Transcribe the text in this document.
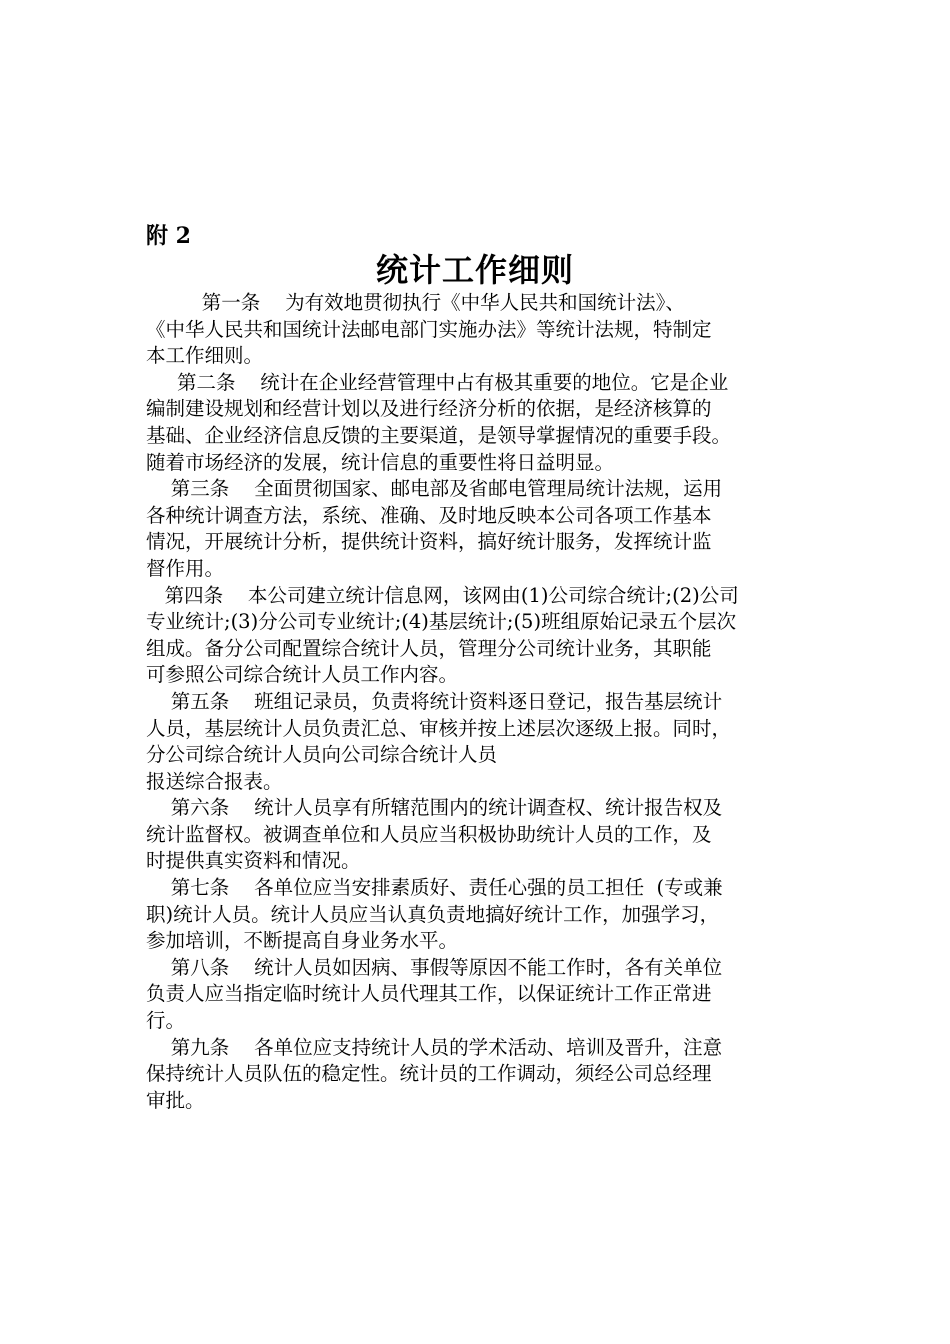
附 2
统计工作细则
第一条    为有效地贯彻执行《中华人民共和国统计法》、
《中华人民共和国统计法邮电部门实施办法》等统计法规，特制定
本工作细则。
第二条    统计在企业经营管理中占有极其重要的地位。它是企业
编制建设规划和经营计划以及进行经济分析的依据，是经济核算的
基础、企业经济信息反馈的主要渠道，是领导掌握情况的重要手段。
随着市场经济的发展，统计信息的重要性将日益明显。
第三条    全面贯彻国家、邮电部及省邮电管理局统计法规，运用
各种统计调查方法，系统、准确、及时地反映本公司各项工作基本
情况，开展统计分析，提供统计资料，搞好统计服务，发挥统计监
督作用。
第四条    本公司建立统计信息网，该网由(1)公司综合统计;(2)公司
专业统计;(3)分公司专业统计;(4)基层统计;(5)班组原始记录五个层次
组成。备分公司配置综合统计人员，管理分公司统计业务，其职能
可参照公司综合统计人员工作内容。
第五条    班组记录员，负责将统计资料逐日登记，报告基层统计
人员，基层统计人员负责汇总、审核并按上述层次逐级上报。同时，
分公司综合统计人员向公司综合统计人员
报送综合报表。
第六条    统计人员享有所辖范围内的统计调查权、统计报告权及
统计监督权。被调查单位和人员应当积极协助统计人员的工作，及
时提供真实资料和情况。
第七条    各单位应当安排素质好、责任心强的员工担任  (专或兼
职)统计人员。统计人员应当认真负责地搞好统计工作，加强学习，
参加培训，不断提高自身业务水平。
第八条    统计人员如因病、事假等原因不能工作时，各有关单位
负责人应当指定临时统计人员代理其工作，以保证统计工作正常进
行。
第九条    各单位应支持统计人员的学术活动、培训及晋升，注意
保持统计人员队伍的稳定性。统计员的工作调动，须经公司总经理
审批。
